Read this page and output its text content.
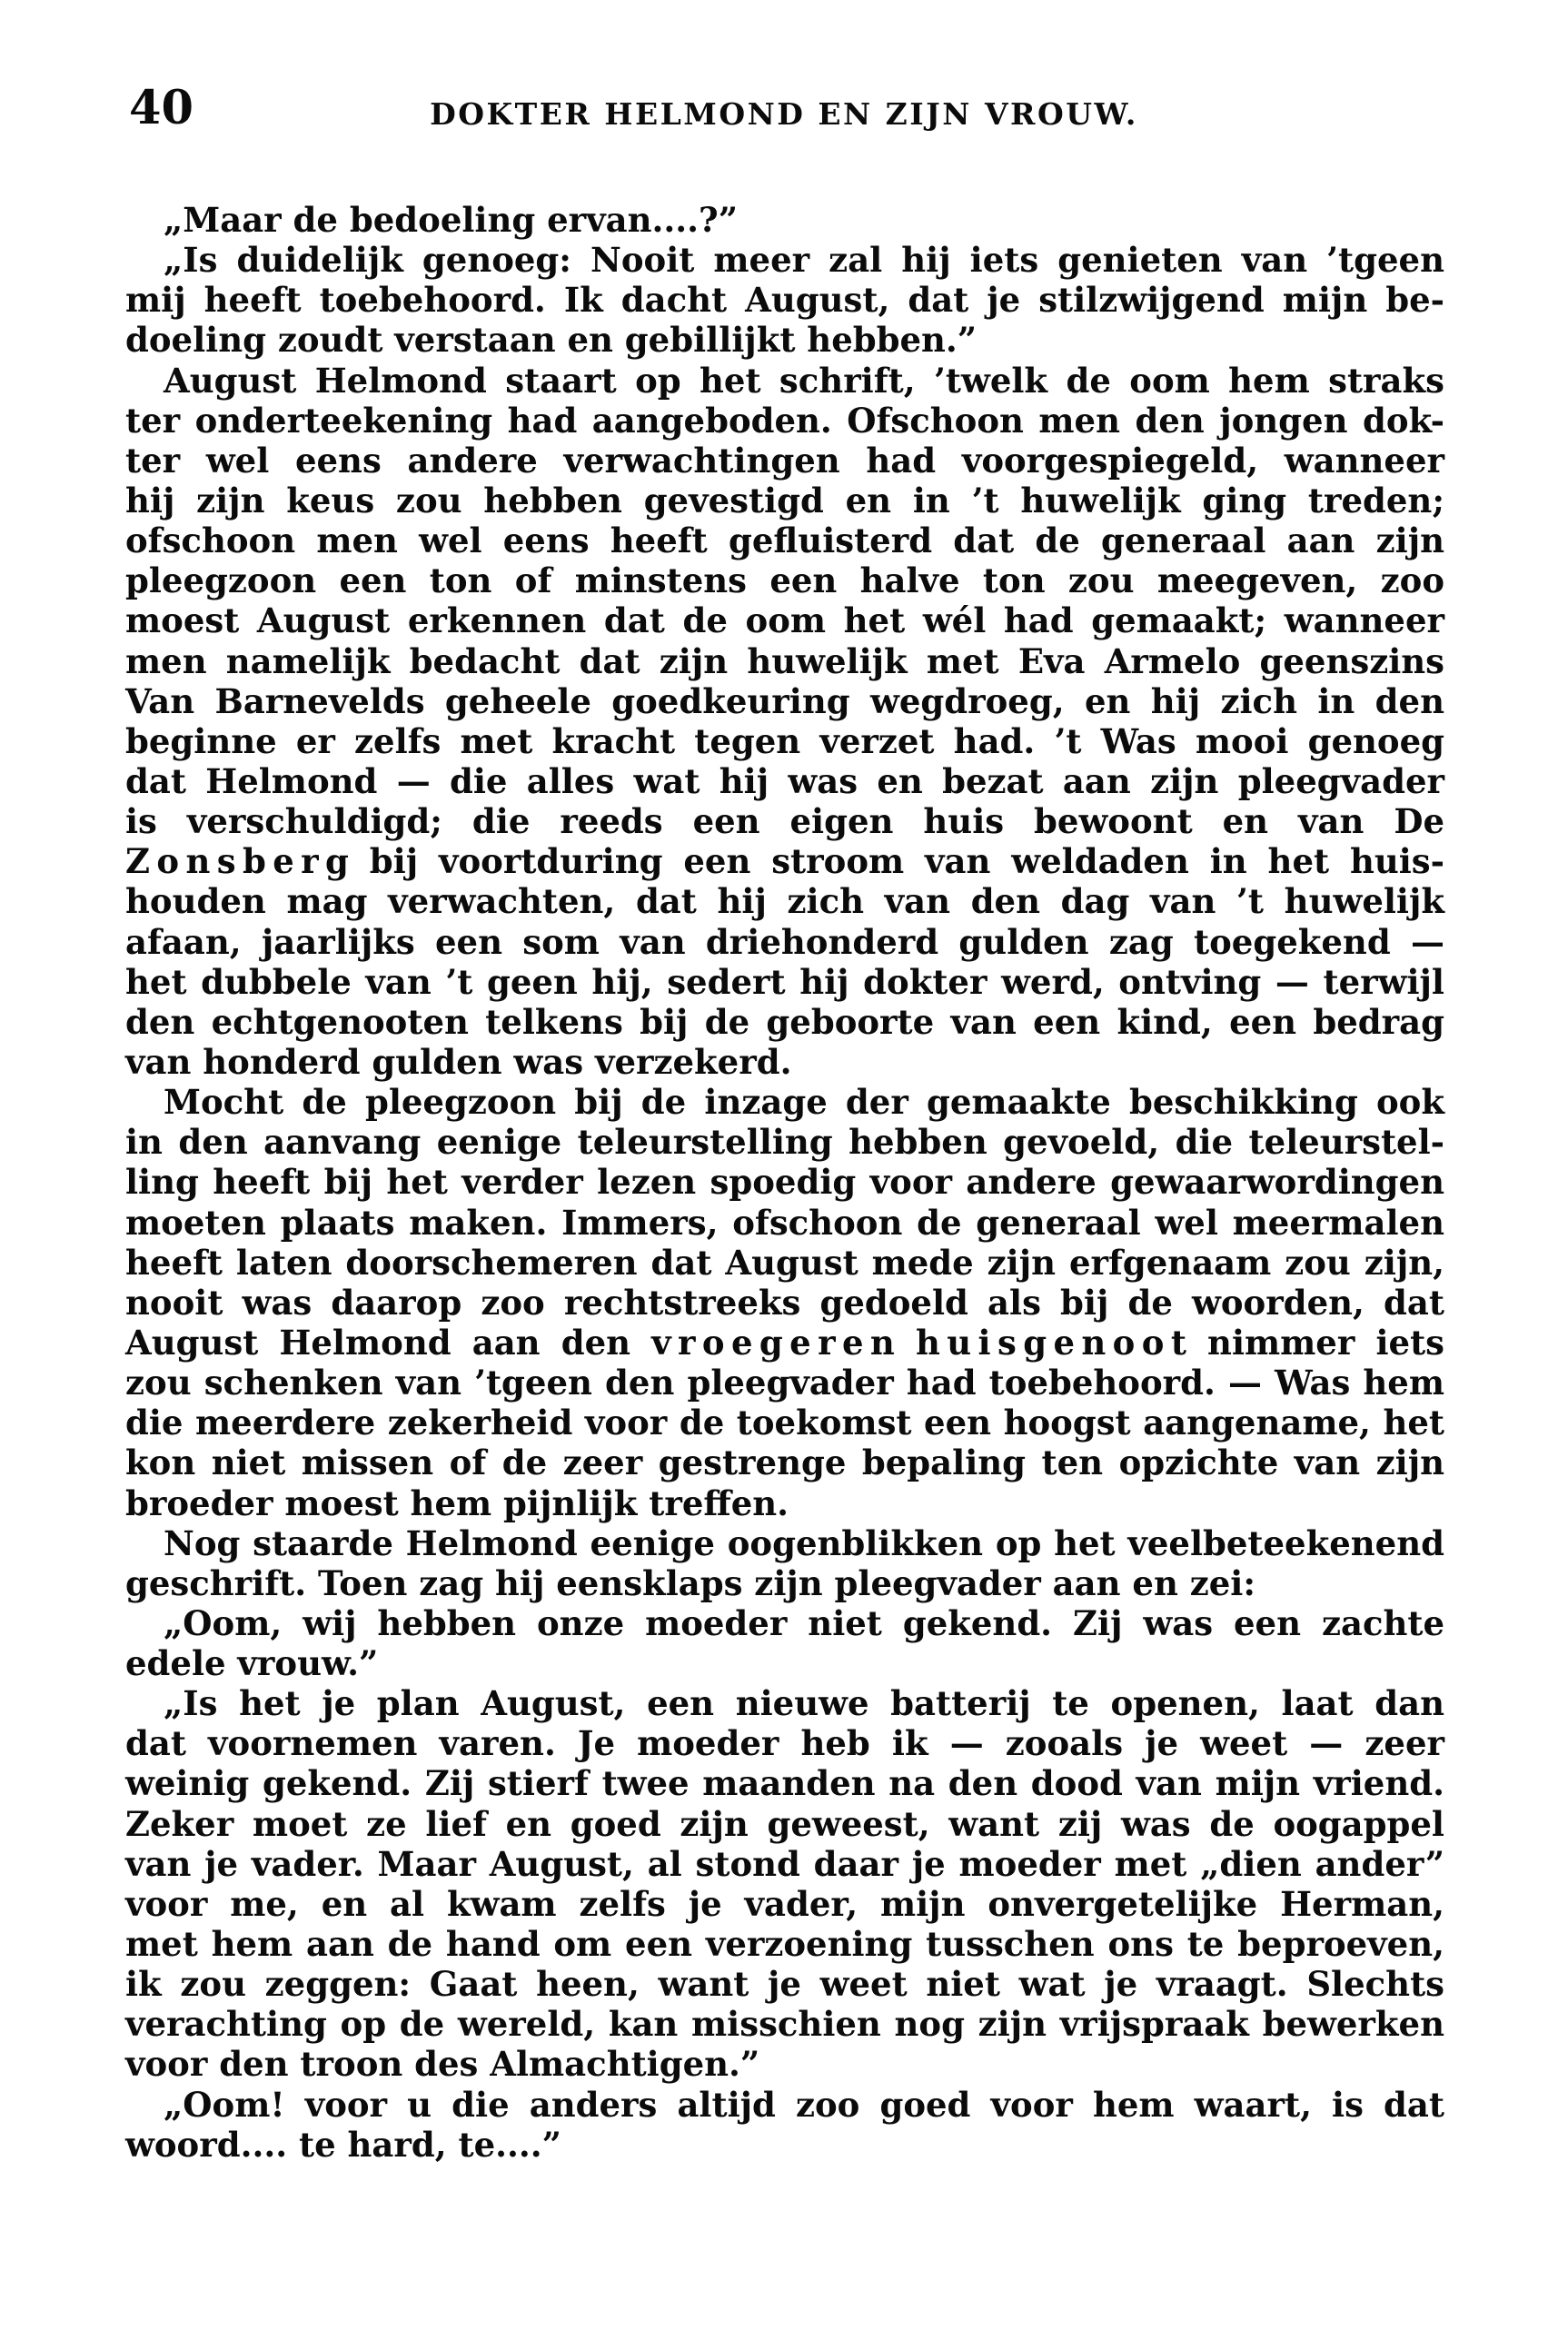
40	DOKTER HELMOND EN ZIJN VROUW.
„Maar de bedoeling ervan....?”
„Is duidelijk genoeg: Nooit meer zal hij iets genieten van ’tgeen
mij heeft toebehoord. Ik dacht August, dat je stilzwijgend mijn be-
doeling zoudt verstaan en gebillijkt hebben.”
August Helmond staart op het schrift, ’twelk de oom hem straks
ter onderteekening had aangeboden. Ofschoon men den jongen dok-
ter wel eens andere verwachtingen had voorgespiegeld, wanneer
hij zijn keus zou hebben gevestigd en in ’t huwelijk ging treden;
ofschoon men wel eens heeft gefluisterd dat de generaal aan zijn
pleegzoon een ton of minstens een halve ton zou meegeven, zoo
moest August erkennen dat de oom het wél had gemaakt; wanneer
men namelijk bedacht dat zijn huwelijk met Eva Armelo geenszins
Van Barnevelds geheele goedkeuring wegdroeg, en hij zich in den
beginne er zelfs met kracht tegen verzet had. ’t Was mooi genoeg
dat Helmond — die alles wat hij was en bezat aan zijn pleegvader
is verschuldigd; die reeds een eigen huis bewoont en van De
Z o n s b e r g bij voortduring een stroom van weldaden in het huis-
houden mag verwachten, dat hij zich van den dag van ’t huwelijk
afaan, jaarlijks een som van driehonderd gulden zag toegekend —
het dubbele van ’t geen hij, sedert hij dokter werd, ontving — terwijl
den echtgenooten telkens bij de geboorte van een kind, een bedrag
van honderd gulden was verzekerd.
Mocht de pleegzoon bij de inzage der gemaakte beschikking ook
in den aanvang eenige teleurstelling hebben gevoeld, die teleurstel-
ling heeft bij het verder lezen spoedig voor andere gewaarwordingen
moeten plaats maken. Immers, ofschoon de generaal wel meermalen
heeft laten doorschemeren dat August mede zijn erfgenaam zou zijn,
nooit was daarop zoo rechtstreeks gedoeld als bij de woorden, dat
August Helmond aan den v r o e g e r e n h u i s g e n o o t nimmer iets
zou schenken van ’tgeen den pleegvader had toebehoord. — Was hem
die meerdere zekerheid voor de toekomst een hoogst aangename, het
kon niet missen of de zeer gestrenge bepaling ten opzichte van zijn
broeder moest hem pijnlijk treffen.
Nog staarde Helmond eenige oogenblikken op het veelbeteekenend
geschrift. Toen zag hij eensklaps zijn pleegvader aan en zei:
„Oom, wij hebben onze moeder niet gekend. Zij was een zachte
edele vrouw.”
„Is het je plan August, een nieuwe batterij te openen, laat dan
dat voornemen varen. Je moeder heb ik — zooals je weet — zeer
weinig gekend. Zij stierf twee maanden na den dood van mijn vriend.
Zeker moet ze lief en goed zijn geweest, want zij was de oogappel
van je vader. Maar August, al stond daar je moeder met „dien ander”
voor me, en al kwam zelfs je vader, mijn onvergetelijke Herman,
met hem aan de hand om een verzoening tusschen ons te beproeven,
ik zou zeggen: Gaat heen, want je weet niet wat je vraagt. Slechts
verachting op de wereld, kan misschien nog zijn vrijspraak bewerken
voor den troon des Almachtigen.”
„Oom! voor u die anders altijd zoo goed voor hem waart, is dat
woord.... te hard, te....”
